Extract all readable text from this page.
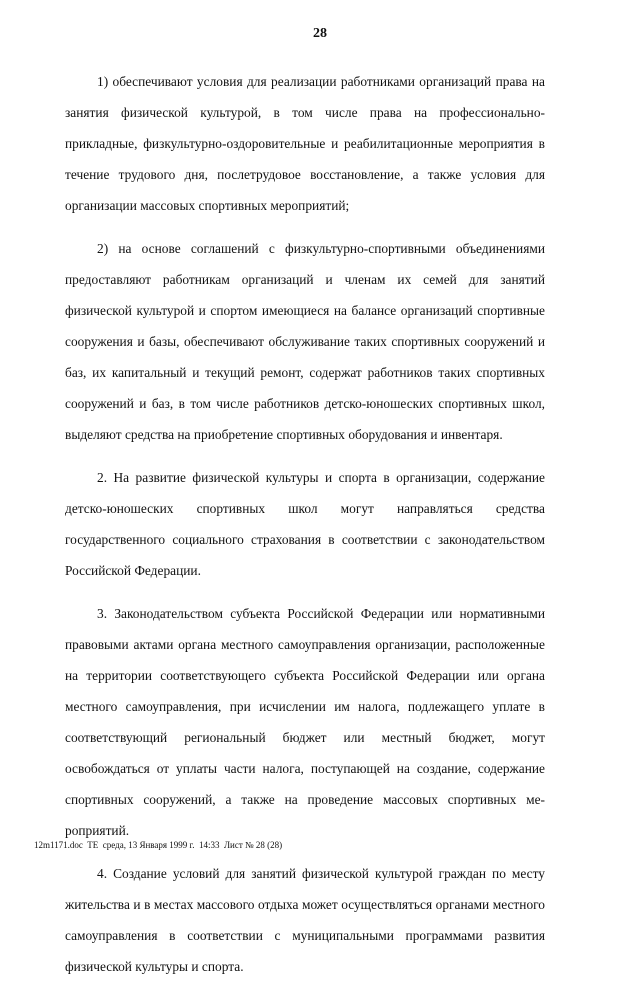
28

1) обеспечивают условия для реализации работниками организаций права на занятия физической культурой, в том числе права на профессионально-прикладные, физкультурно-оздоровительные и реабилитационные мероприятия в течение трудового дня, послетрудовое восстановление, а также условия для организации массовых спортивных мероприятий;

2) на основе соглашений с физкультурно-спортивными объединениями предоставляют работникам организаций и членам их семей для занятий физической культурой и спортом имеющиеся на балансе организаций спортивные сооружения и базы, обеспечивают обслуживание таких спортивных сооружений и баз, их капитальный и текущий ремонт, содержат работников таких спортивных сооружений и баз, в том числе работников детско-юношеских спортивных школ, выделяют средства на приобретение спортивных оборудования и инвентаря.

2. На развитие физической культуры и спорта в организации, содержание детско-юношеских спортивных школ могут направляться средства государственного социального страхования в соответствии с законодательством Российской Федерации.

3. Законодательством субъекта Российской Федерации или нормативными правовыми актами органа местного самоуправления организации, расположенные на территории соответствующего субъекта Российской Федерации или органа местного самоуправления, при исчислении им налога, подлежащего уплате в соответствующий региональный бюджет или местный бюджет, могут освобождаться от уплаты части налога, поступающей на создание, содержание спортивных сооружений, а также на проведение массовых спортивных мероприятий.

4. Создание условий для занятий физической культурой граждан по месту жительства и в местах массового отдыха может осуществляться органами местного самоуправления в соответствии с муниципальными программами развития физической культуры и спорта.

12m1171.doc  TE  среда, 13 Января 1999 г.  14:33  Лист № 28 (28)
